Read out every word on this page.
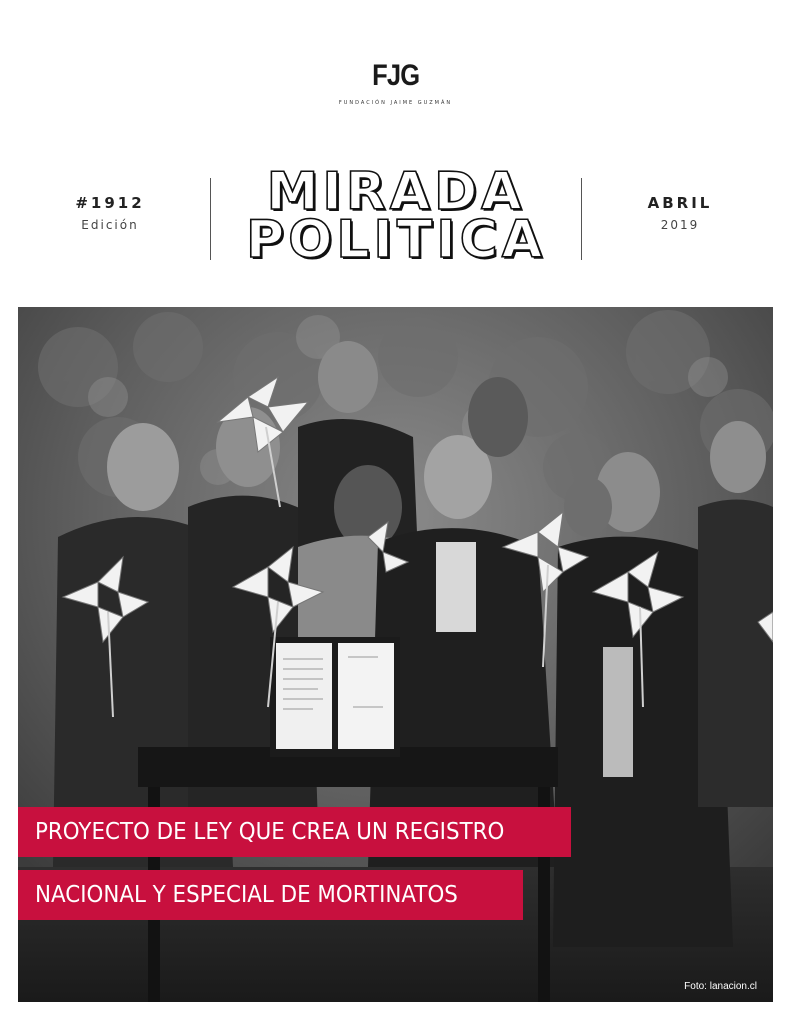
FJG
FUNDACIÓN JAIME GUZMÁN
#1912
Edición
MIRADA
POLITICA
ABRIL
2019
PROYECTO DE LEY QUE CREA UN REGISTRO
NACIONAL Y ESPECIAL DE MORTINATOS
Foto: lanacion.cl
